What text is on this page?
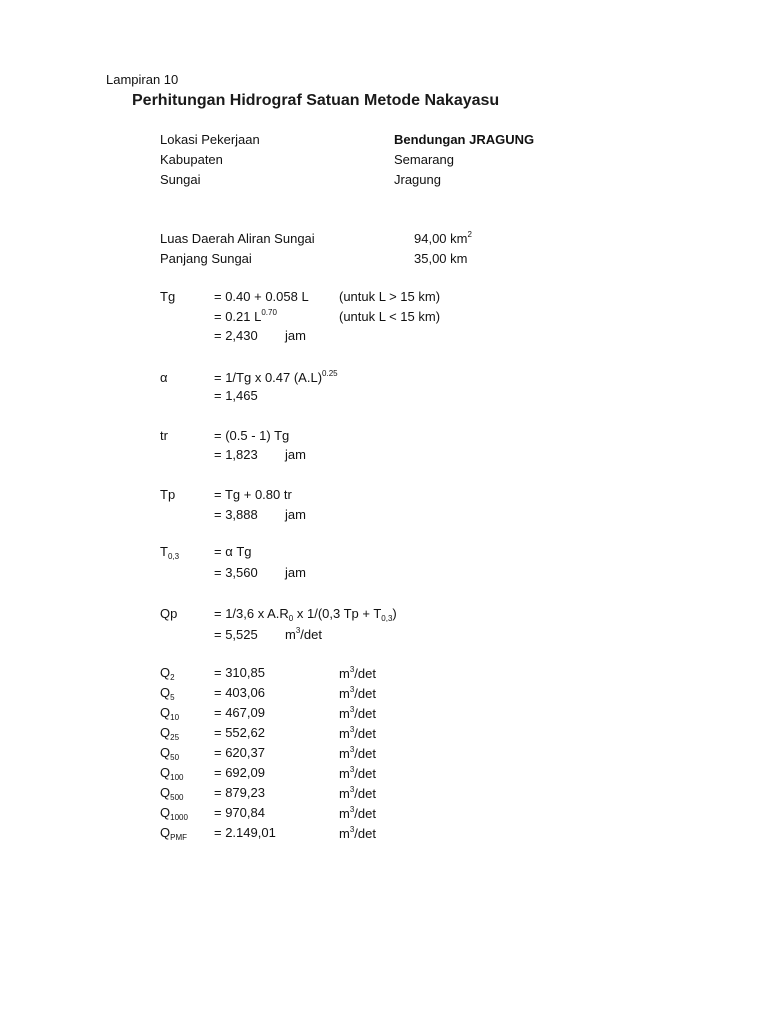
Lampiran 10
Perhitungan Hidrograf Satuan Metode Nakayasu
Lokasi Pekerjaan	Bendungan JRAGUNG
Kabupaten	Semarang
Sungai	Jragung
Luas Daerah Aliran Sungai	94,00 $km^2$
Panjang Sungai	35,00 km
Tg	= 0.40 + 0.058 L (untuk L > 15 km)
= 0.21 $L^{0.70}$	(untuk L < 15 km)
= 2,430 jam
α	= 1/Tg x 0.47 $(A.L)^{0.25}$
= 1,465
tr	= (0.5 - 1) Tg
= 1,823 jam
Tp	= Tg + 0.80 tr
= 3,888 jam
$T_{0,3}$	= α Tg
= 3,560 jam
Qp	= 1/3,6 x $A.R_0$ x 1/(0,3 $Tp + T_{0,3}$)
= 5,525 $m^3/\det$
$Q_2$	= 310,85	$m^3/\det$
$Q_5$	= 403,06	$m^3/\det$
$Q_{10}$	= 467,09	$m^3/\det$
$Q_{25}$	= 552,62	$m^3/\det$
$Q_{50}$	= 620,37	$m^3/\det$
$Q_{100} = 692,09$	$m^3/\det$
$Q_{500} = 879,23$	$m^3/\det$
$Q_{1000} = 970,84$	$m^3/\det$
$Q_{PMF} = 2.149,01$	$m^3/\det$
